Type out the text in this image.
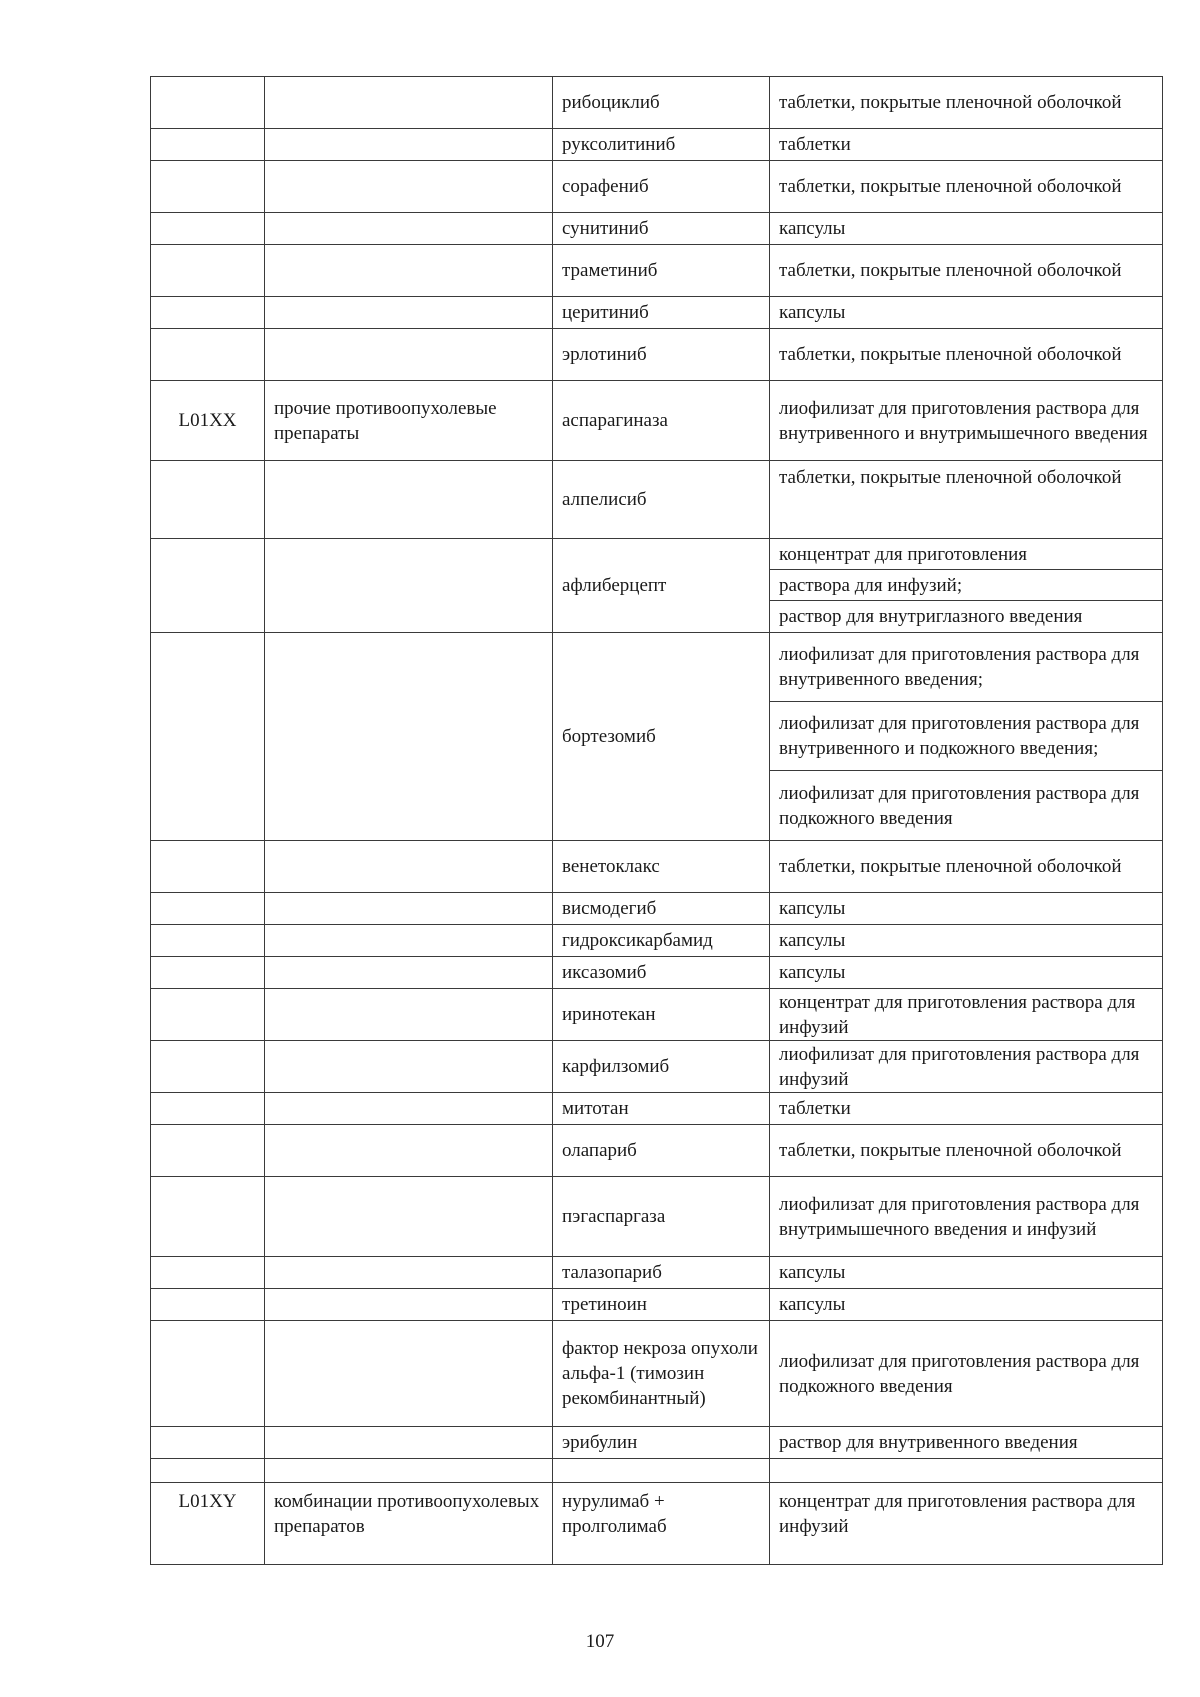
		рибоциклиб	таблетки, покрытые пленочной оболочкой
		руксолитиниб	таблетки
		сорафениб	таблетки, покрытые пленочной оболочкой
		сунитиниб	капсулы
		траметиниб	таблетки, покрытые пленочной оболочкой
		церитиниб	капсулы
		эрлотиниб	таблетки, покрытые пленочной оболочкой
L01XX	прочие противоопухолевые препараты	аспарагиназа	лиофилизат для приготовления раствора для внутривенного и внутримышечного введения
		алпелисиб	таблетки, покрытые пленочной оболочкой
		афлиберцепт	концентрат для приготовления
			раствора для инфузий;
			раствор для внутриглазного введения
		бортезомиб	лиофилизат для приготовления раствора для внутривенного введения;
			лиофилизат для приготовления раствора для внутривенного и подкожного введения;
			лиофилизат для приготовления раствора для подкожного введения
		венетоклакс	таблетки, покрытые пленочной оболочкой
		висмодегиб	капсулы
		гидроксикарбамид	капсулы
		иксазомиб	капсулы
		иринотекан	концентрат для приготовления раствора для инфузий
		карфилзомиб	лиофилизат для приготовления раствора для инфузий
		митотан	таблетки
		олапариб	таблетки, покрытые пленочной оболочкой
		пэгаспаргаза	лиофилизат для приготовления раствора для внутримышечного введения и инфузий
		талазопариб	капсулы
		третиноин	капсулы
		фактор некроза опухоли альфа-1 (тимозин рекомбинантный)	лиофилизат для приготовления раствора для подкожного введения
		эрибулин	раствор для внутривенного введения

L01XY	комбинации противоопухолевых препаратов	нурулимаб + пролголимаб	концентрат для приготовления раствора для инфузий
107
